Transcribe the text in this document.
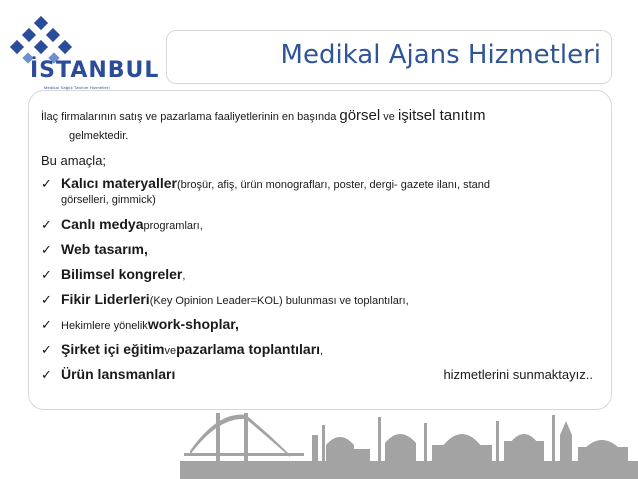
İSTANBUL
Medikal Sağlık Tanıtım Hizmetleri
Medikal Ajans Hizmetleri
İlaç firmalarının satış ve pazarlama faaliyetlerinin en başında görsel ve işitsel tanıtım
gelmektedir.
Bu amaçla;
✓ Kalıcı materyaller (broşür, afiş, ürün monografları, poster, dergi- gazete ilanı, stand
görselleri, gimmick)
✓ Canlı medya programları,
✓ Web tasarım,
✓ Bilimsel kongreler ,
✓ Fikir Liderleri (Key Opinion Leader=KOL) bulunması ve toplantıları,
✓ Hekimlere yönelik work-shoplar,
✓ Şirket içi eğitim ve pazarlama toplantıları ,
✓ Ürün lansmanları	hizmetlerini sunmaktayız..
